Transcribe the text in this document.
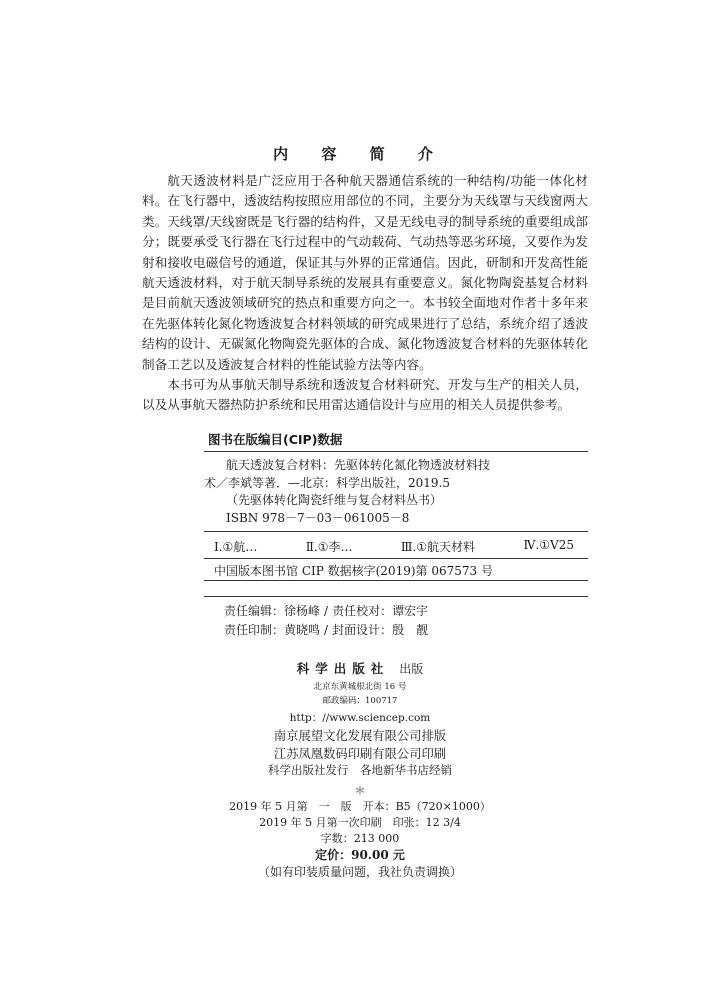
内 容 简 介

航天透波材料是广泛应用于各种航天器通信系统的一种结构/功能一体化材料。在飞行器中，透波结构按照应用部位的不同，主要分为天线罩与天线窗两大类。天线罩/天线窗既是飞行器的结构件，又是无线电寻的制导系统的重要组成部分；既要承受飞行器在飞行过程中的气动载荷、气动热等恶劣环境，又要作为发射和接收电磁信号的通道，保证其与外界的正常通信。因此，研制和开发高性能航天透波材料，对于航天制导系统的发展具有重要意义。氮化物陶瓷基复合材料是目前航天透波领域研究的热点和重要方向之一。本书较全面地对作者十多年来在先驱体转化氮化物透波复合材料领域的研究成果进行了总结，系统介绍了透波结构的设计、无碳氮化物陶瓷先驱体的合成、氮化物透波复合材料的先驱体转化制备工艺以及透波复合材料的性能试验方法等内容。

本书可为从事航天制导系统和透波复合材料研究、开发与生产的相关人员，以及从事航天器热防护系统和民用雷达通信设计与应用的相关人员提供参考。

图书在版编目(CIP)数据
航天透波复合材料：先驱体转化氮化物透波材料技
术／李斌等著．—北京：科学出版社，2019.5
（先驱体转化陶瓷纤维与复合材料丛书）
ISBN 978－7－03－061005－8
Ⅰ.①航…	Ⅱ.①李…	Ⅲ.①航天材料	Ⅳ.①V25
中国版本图书馆 CIP 数据核字(2019)第 067573 号
责任编辑：徐杨峰 / 责任校对：谭宏宇
责任印制：黄晓鸣 / 封面设计：殷　靓
科学出版社 出版
北京东黄城根北街 16 号
邮政编码：100717
http：//www.sciencep.com
南京展望文化发展有限公司排版
江苏凤凰数码印刷有限公司印刷
科学出版社发行　各地新华书店经销
＊
2019 年 5 月第　一　版　开本：B5（720×1000）
2019 年 5 月第一次印刷　印张：12 3/4
字数：213 000
定价：90.00 元
（如有印装质量问题，我社负责调换）
